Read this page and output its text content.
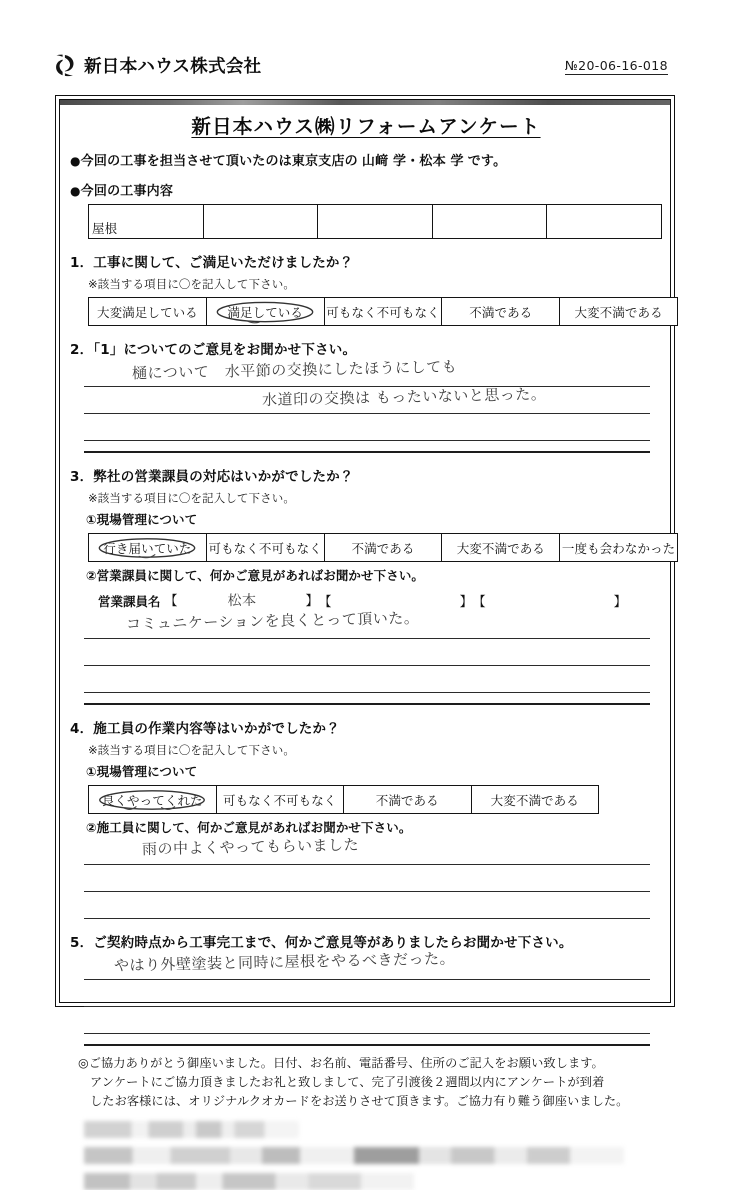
新日本ハウス株式会社	№20-06-16-018
新日本ハウス㈱リフォームアンケート
●今回の工事を担当させて頂いたのは東京支店の 山﨑 学・松本 学 です。
●今回の工事内容
屋根				
1．工事に関して、ご満足いただけましたか？
※該当する項目に〇を記入して下さい。
大変満足している	満足している	可もなく不可もなく	不満である	大変不満である
2．「1」についてのご意見をお聞かせ下さい。
樋について　水平節の交換にしたほうにしても
水道印の交換は もったいないと思った。
3．弊社の営業課員の対応はいかがでしたか？
※該当する項目に〇を記入して下さい。
①現場管理について
行き届いていた	可もなく不可もなく	不満である	大変不満である	一度も会わなかった
②営業課員に関して、何かご意見があればお聞かせ下さい。
営業課員名 【	松本	】 【	】 【	】
コミュニケーションを良くとって頂いた。
4．施工員の作業内容等はいかがでしたか？
※該当する項目に〇を記入して下さい。
①現場管理について
良くやってくれた	可もなく不可もなく	不満である	大変不満である
②施工員に関して、何かご意見があればお聞かせ下さい。
雨の中よくやってもらいました
5．ご契約時点から工事完工まで、何かご意見等がありましたらお聞かせ下さい。
やはり外壁塗装と同時に屋根をやるべきだった。
◎ご協力ありがとう御座いました。日付、お名前、電話番号、住所のご記入をお願い致します。
アンケートにご協力頂きましたお礼と致しまして、完了引渡後２週間以内にアンケートが到着
したお客様には、オリジナルクオカードをお送りさせて頂きます。ご協力有り難う御座いました。
